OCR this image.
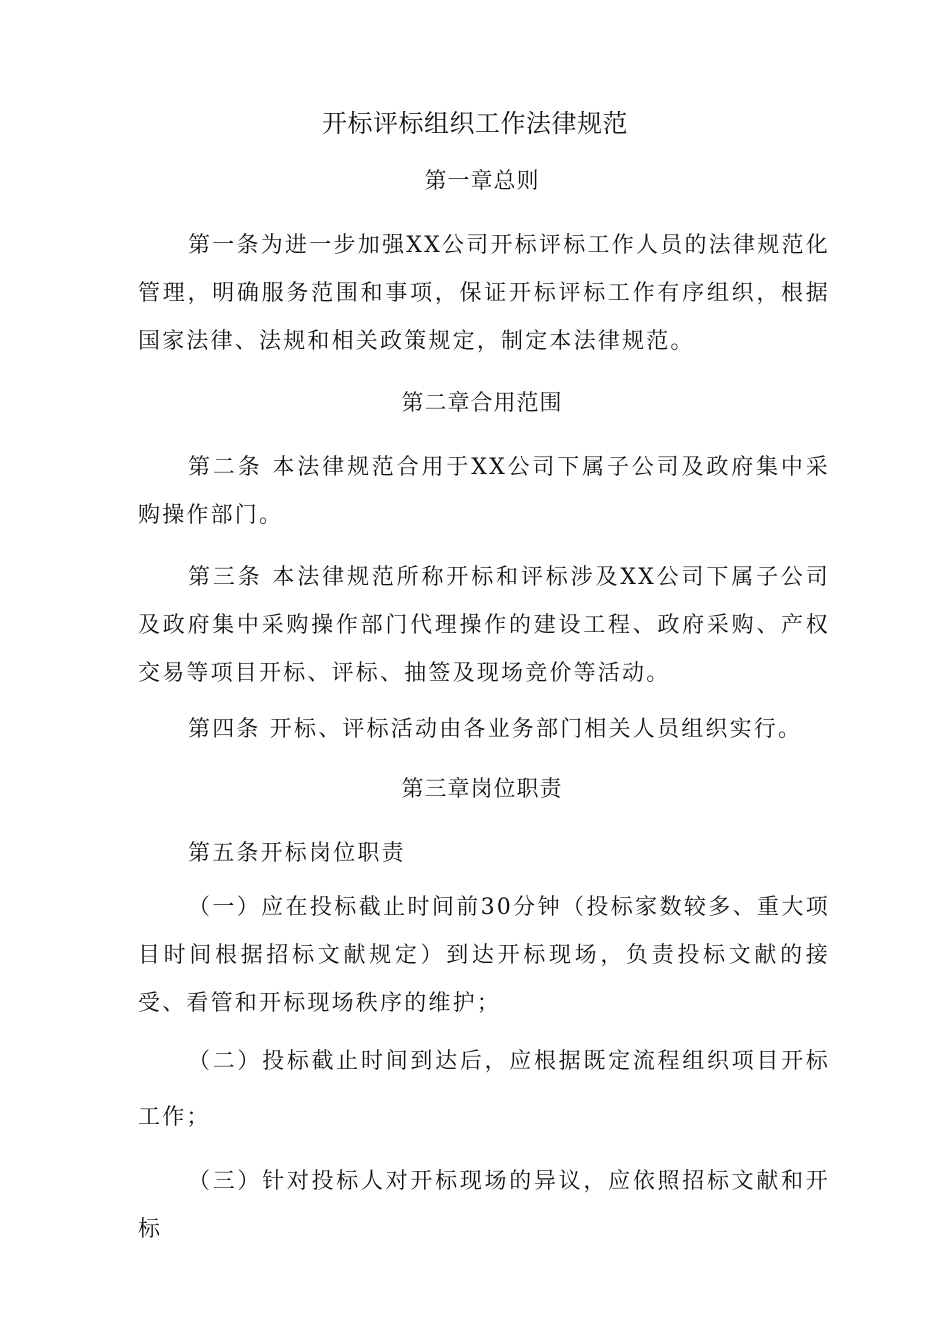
开标评标组织工作法律规范
第一章总则

第一条为进一步加强XX公司开标评标工作人员的法律规范化管理，明确服务范围和事项，保证开标评标工作有序组织，根据国家法律、法规和相关政策规定，制定本法律规范。

第二章合用范围

第二条 本法律规范合用于XX公司下属子公司及政府集中采购操作部门。

第三条 本法律规范所称开标和评标涉及XX公司下属子公司及政府集中采购操作部门代理操作的建设工程、政府采购、产权交易等项目开标、评标、抽签及现场竞价等活动。

第四条 开标、评标活动由各业务部门相关人员组织实行。

第三章岗位职责

第五条开标岗位职责

（一）应在投标截止时间前30分钟（投标家数较多、重大项目时间根据招标文献规定）到达开标现场，负责投标文献的接受、看管和开标现场秩序的维护；

（二）投标截止时间到达后，应根据既定流程组织项目开标工作；

（三）针对投标人对开标现场的异议，应依照招标文献和开标
